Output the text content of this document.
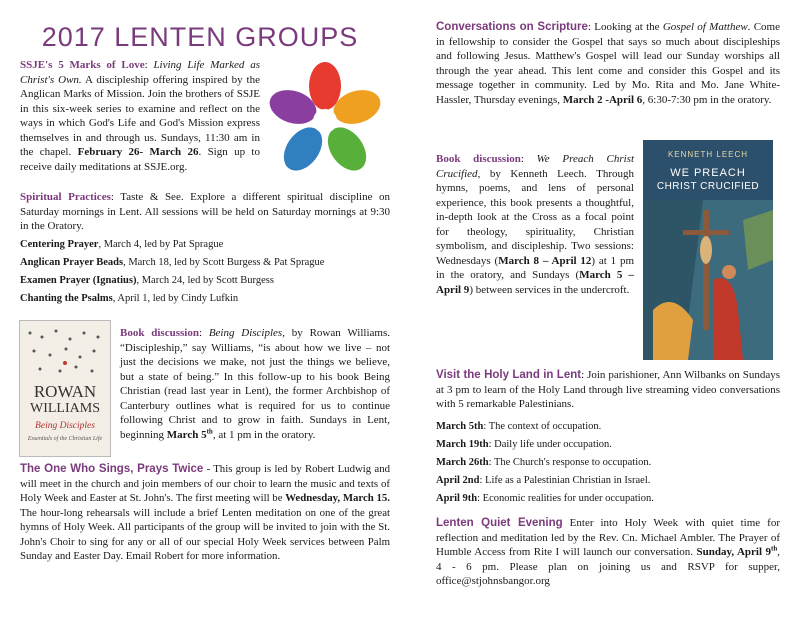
2017 LENTEN GROUPS

SSJE's 5 Marks of Love: Living Life Marked as Christ's Own. A discipleship offering inspired by the Anglican Marks of Mission. Join the brothers of SSJE in this six-week series to examine and reflect on the ways in which God's Life and God's Mission express themselves in and through us. Sundays, 11:30 am in the chapel. February 26- March 26. Sign up to receive daily meditations at SSJE.org.

Spiritual Practices: Taste & See. Explore a different spiritual discipline on Saturday mornings in Lent. All sessions will be held on Saturday mornings at 9:30 in the Oratory.

Centering Prayer, March 4, led by Pat Sprague

Anglican Prayer Beads, March 18, led by Scott Burgess & Pat Sprague

Examen Prayer (Ignatius), March 24, led by Scott Burgess

Chanting the Psalms, April 1, led by Cindy Lufkin

ROWAN
WILLIAMS
Being Disciples
Essentials of the Christian Life

Book discussion: Being Disciples, by Rowan Williams. “Discipleship,” say Williams, “is about how we live – not just the decisions we make, not just the things we believe, but a state of being.” In this follow-up to his book Being Christian (read last year in Lent), the former Archbishop of Canterbury outlines what is required for us to continue following Christ and to grow in faith. Sundays in Lent, beginning March 5th, at 1 pm in the oratory.

The One Who Sings, Prays Twice - This group is led by Robert Ludwig and will meet in the church and join members of our choir to learn the music and texts of Holy Week and Easter at St. John's. The first meeting will be Wednesday, March 15. The hour-long rehearsals will include a brief Lenten meditation on one of the great hymns of Holy Week. All participants of the group will be invited to join with the St. John's Choir to sing for any or all of our special Holy Week services between Palm Sunday and Easter Day. Email Robert for more information.

Conversations on Scripture: Looking at the Gospel of Matthew. Come in fellowship to consider the Gospel that says so much about discipleships and following Jesus. Matthew's Gospel will lead our Sunday worships all through the year ahead. This lent come and consider this Gospel and its message together in community. Led by Mo. Rita and Mo. Jane White-Hassler, Thursday evenings, March 2 -April 6, 6:30-7:30 pm in the oratory.

Book discussion: We Preach Christ Crucified, by Kenneth Leech. Through hymns, poems, and lens of personal experience, this book presents a thoughtful, in-depth look at the Cross as a focal point for theology, spirituality, Christian symbolism, and discipleship. Two sessions: Wednesdays (March 8 – April 12) at 1 pm in the oratory, and Sundays (March 5 – April 9) between services in the undercroft.

KENNETH LEECH
WE PREACH
CHRIST CRUCIFIED

Visit the Holy Land in Lent: Join parishioner, Ann Wilbanks on Sundays at 3 pm to learn of the Holy Land through live streaming video conversations with 5 remarkable Palestinians.

March 5th: The context of occupation.

March 19th: Daily life under occupation.

March 26th: The Church's response to occupation.

April 2nd: Life as a Palestinian Christian in Israel.

April 9th: Economic realities for under occupation.

Lenten Quiet Evening Enter into Holy Week with quiet time for reflection and meditation led by the Rev. Cn. Michael Ambler. The Prayer of Humble Access from Rite I will launch our conversation. Sunday, April 9th, 4 - 6 pm. Please plan on joining us and RSVP for supper, office@stjohnsbangor.org
